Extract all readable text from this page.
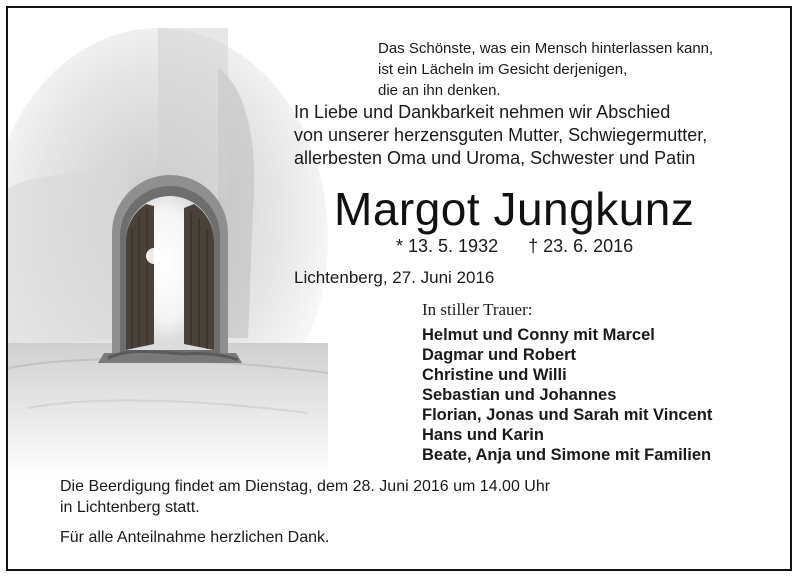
Das Schönste, was ein Mensch hinterlassen kann,
ist ein Lächeln im Gesicht derjenigen,
die an ihn denken.
In Liebe und Dankbarkeit nehmen wir Abschied
von unserer herzensguten Mutter, Schwiegermutter,
allerbesten Oma und Uroma, Schwester und Patin
Margot Jungkunz
* 13. 5. 1932 † 23. 6. 2016
Lichtenberg, 27. Juni 2016
In stiller Trauer:
Helmut und Conny mit Marcel
Dagmar und Robert
Christine und Willi
Sebastian und Johannes
Florian, Jonas und Sarah mit Vincent
Hans und Karin
Beate, Anja und Simone mit Familien
Die Beerdigung findet am Dienstag, dem 28. Juni 2016 um 14.00 Uhr
in Lichtenberg statt.
Für alle Anteilnahme herzlichen Dank.
